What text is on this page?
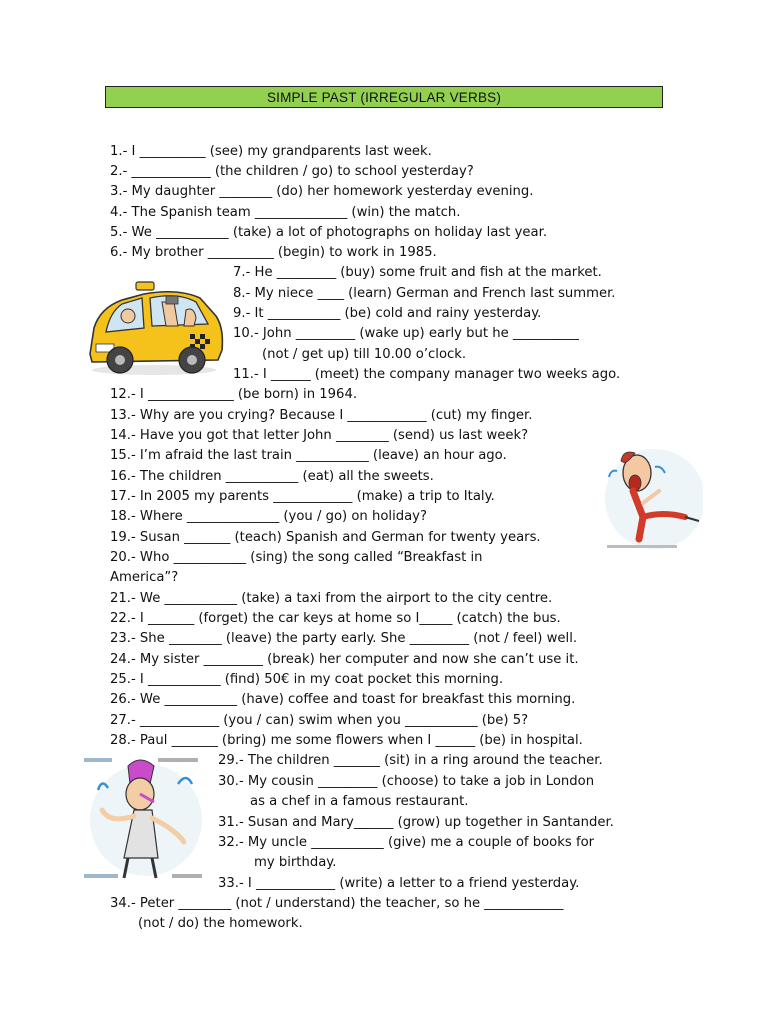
SIMPLE PAST (IRREGULAR VERBS)
1.- I __________ (see) my grandparents last week.
2.- ____________ (the children / go) to school yesterday?
3.- My daughter ________ (do) her homework yesterday evening.
4.- The Spanish team ______________ (win) the match.
5.- We ___________ (take) a lot of photographs on holiday last year.
6.- My brother __________ (begin) to work in 1985.
7.- He _________ (buy) some fruit and fish at the market.
8.- My niece ____ (learn) German and French last summer.
9.- It ___________ (be) cold and rainy yesterday.
10.- John _________ (wake up) early but he __________
(not / get up) till 10.00 o’clock.
11.- I ______ (meet) the company manager two weeks ago.
12.- I _____________ (be born) in 1964.
13.- Why are you crying? Because I ____________ (cut) my finger.
14.- Have you got that letter John ________ (send) us last week?
15.- I’m afraid the last train ___________ (leave) an hour ago.
16.- The children ___________ (eat) all the sweets.
17.- In 2005 my parents ____________ (make) a trip to Italy.
18.- Where ______________ (you / go) on holiday?
19.- Susan _______ (teach) Spanish and German for twenty years.
20.- Who ___________ (sing) the song called “Breakfast in
America”?
21.- We ___________ (take) a taxi from the airport to the city centre.
22.- I _______ (forget) the car keys at home so I_____ (catch) the bus.
23.- She ________ (leave) the party early. She _________ (not / feel) well.
24.- My sister _________ (break) her computer and now she can’t use it.
25.- I ___________ (find) 50€ in my coat pocket this morning.
26.- We ___________ (have) coffee and toast for breakfast this morning.
27.- ____________ (you / can) swim when you ___________ (be) 5?
28.- Paul _______ (bring) me some flowers when I ______ (be) in hospital.
29.- The children _______ (sit) in a ring around the teacher.
30.- My cousin _________ (choose) to take a job in London
as a chef in a famous restaurant.
31.- Susan and Mary______ (grow) up together in Santander.
32.- My uncle ___________ (give) me a couple of books for
my birthday.
33.- I ____________ (write) a letter to a friend yesterday.
34.- Peter ________ (not / understand) the teacher, so he ____________
(not / do) the homework.
